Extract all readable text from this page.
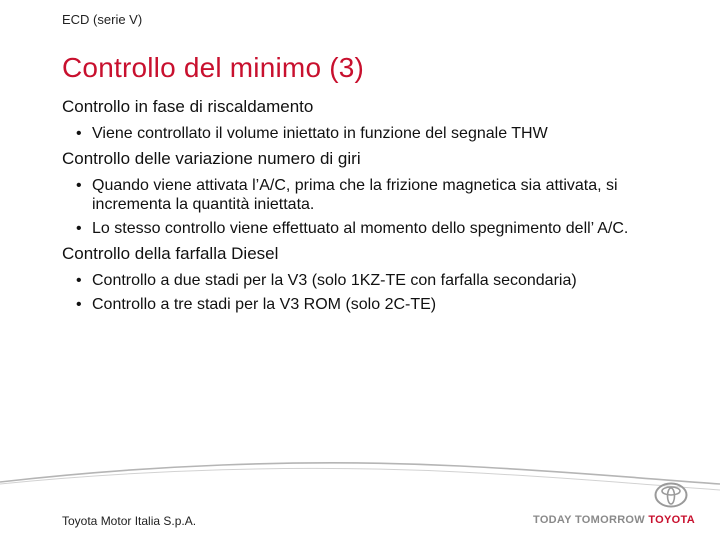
ECD (serie V)
Controllo del minimo (3)
Controllo in fase di riscaldamento
• Viene controllato il volume iniettato in funzione del segnale THW
Controllo delle variazione numero di giri
• Quando viene attivata l’A/C, prima che la frizione magnetica sia attivata, si incrementa la quantità iniettata.
• Lo stesso controllo viene effettuato al momento dello spegnimento dell’ A/C.
Controllo della farfalla Diesel
• Controllo a due stadi per la V3 (solo 1KZ-TE con farfalla secondaria)
• Controllo a tre stadi per la V3 ROM (solo 2C-TE)
Toyota Motor Italia S.p.A.	TODAY TOMORROW TOYOTA
